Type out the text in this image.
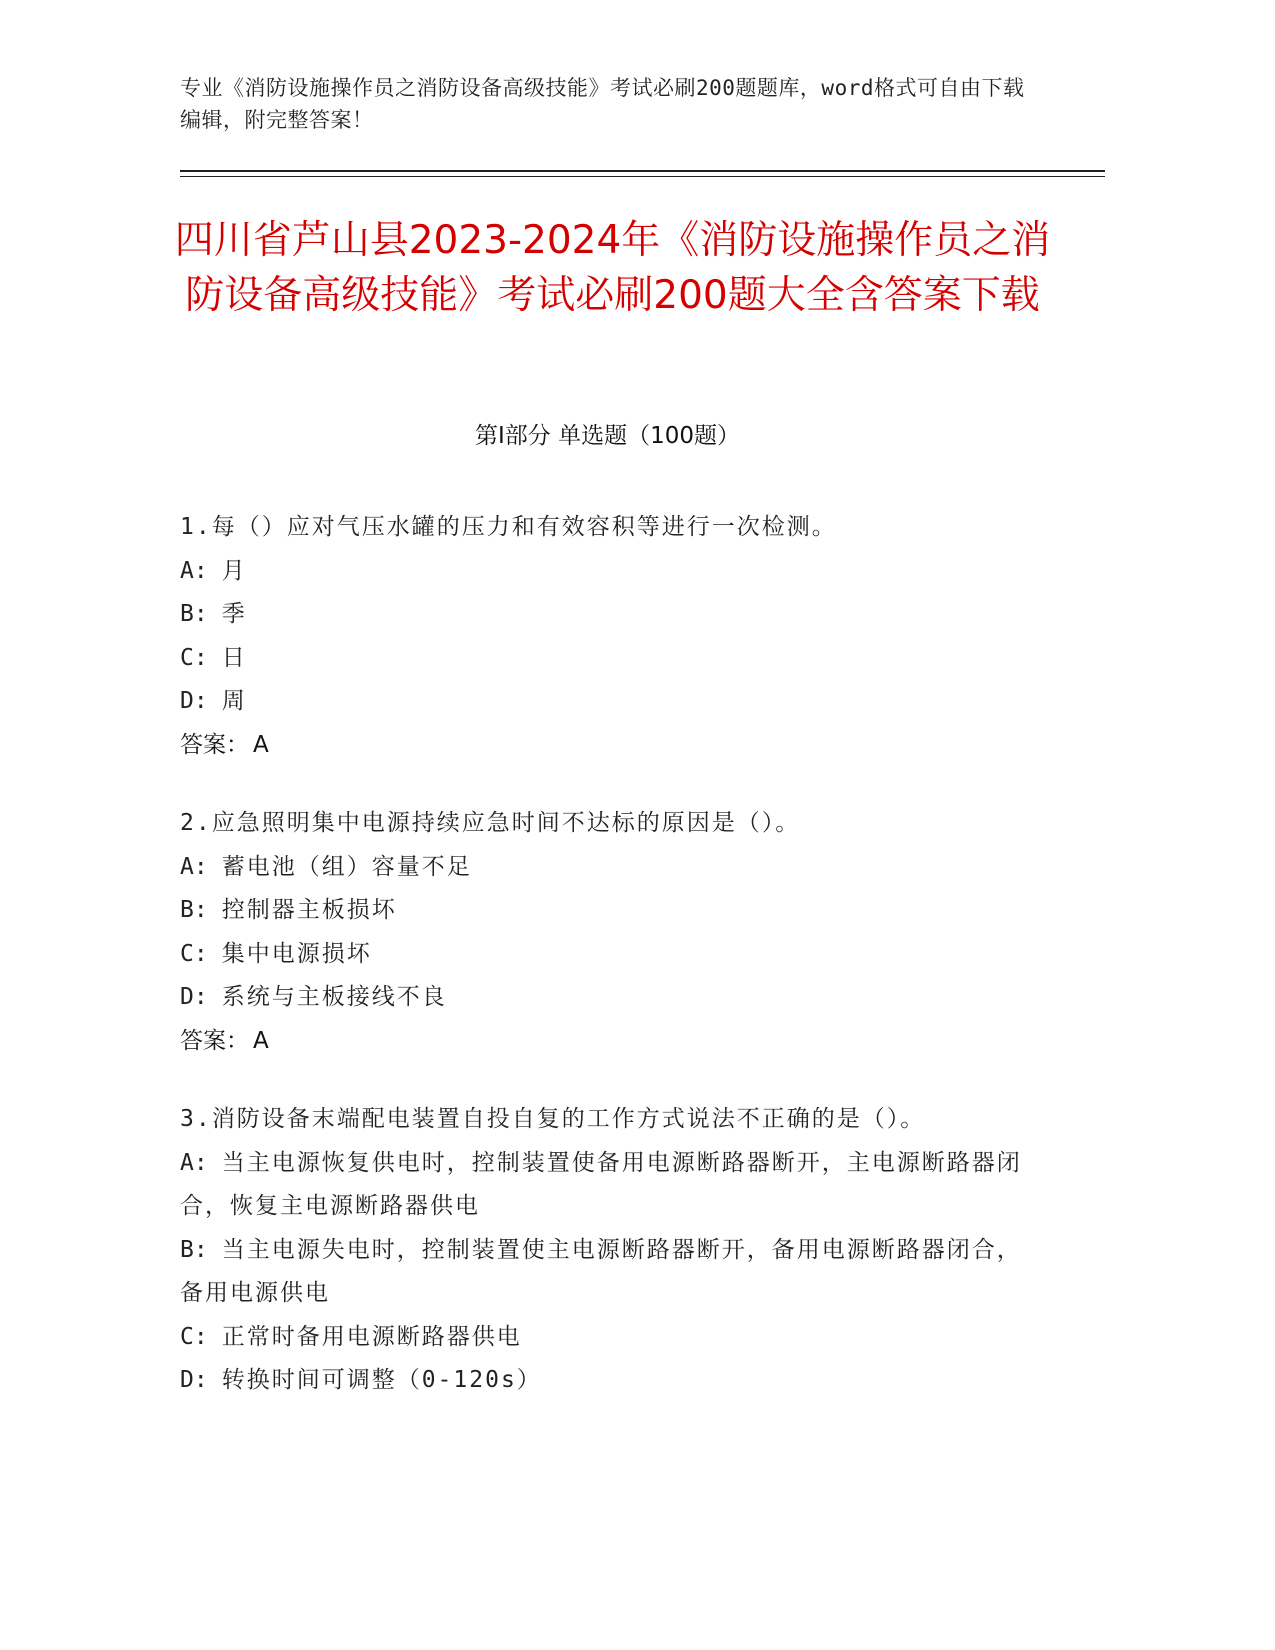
专业《消防设施操作员之消防设备高级技能》考试必刷200题题库，word格式可自由下载编辑，附完整答案！
四川省芦山县2023-2024年《消防设施操作员之消防设备高级技能》考试必刷200题大全含答案下载
第I部分 单选题（100题）

1.每（）应对气压水罐的压力和有效容积等进行一次检测。

A: 月

B: 季

C: 日

D: 周

答案： A

2.应急照明集中电源持续应急时间不达标的原因是（）。

A: 蓄电池（组）容量不足

B: 控制器主板损坏

C: 集中电源损坏

D: 系统与主板接线不良

答案： A

3.消防设备末端配电装置自投自复的工作方式说法不正确的是（）。

A: 当主电源恢复供电时，控制装置使备用电源断路器断开，主电源断路器闭合，恢复主电源断路器供电

B: 当主电源失电时，控制装置使主电源断路器断开，备用电源断路器闭合，备用电源供电

C: 正常时备用电源断路器供电

D: 转换时间可调整（0-120s）
